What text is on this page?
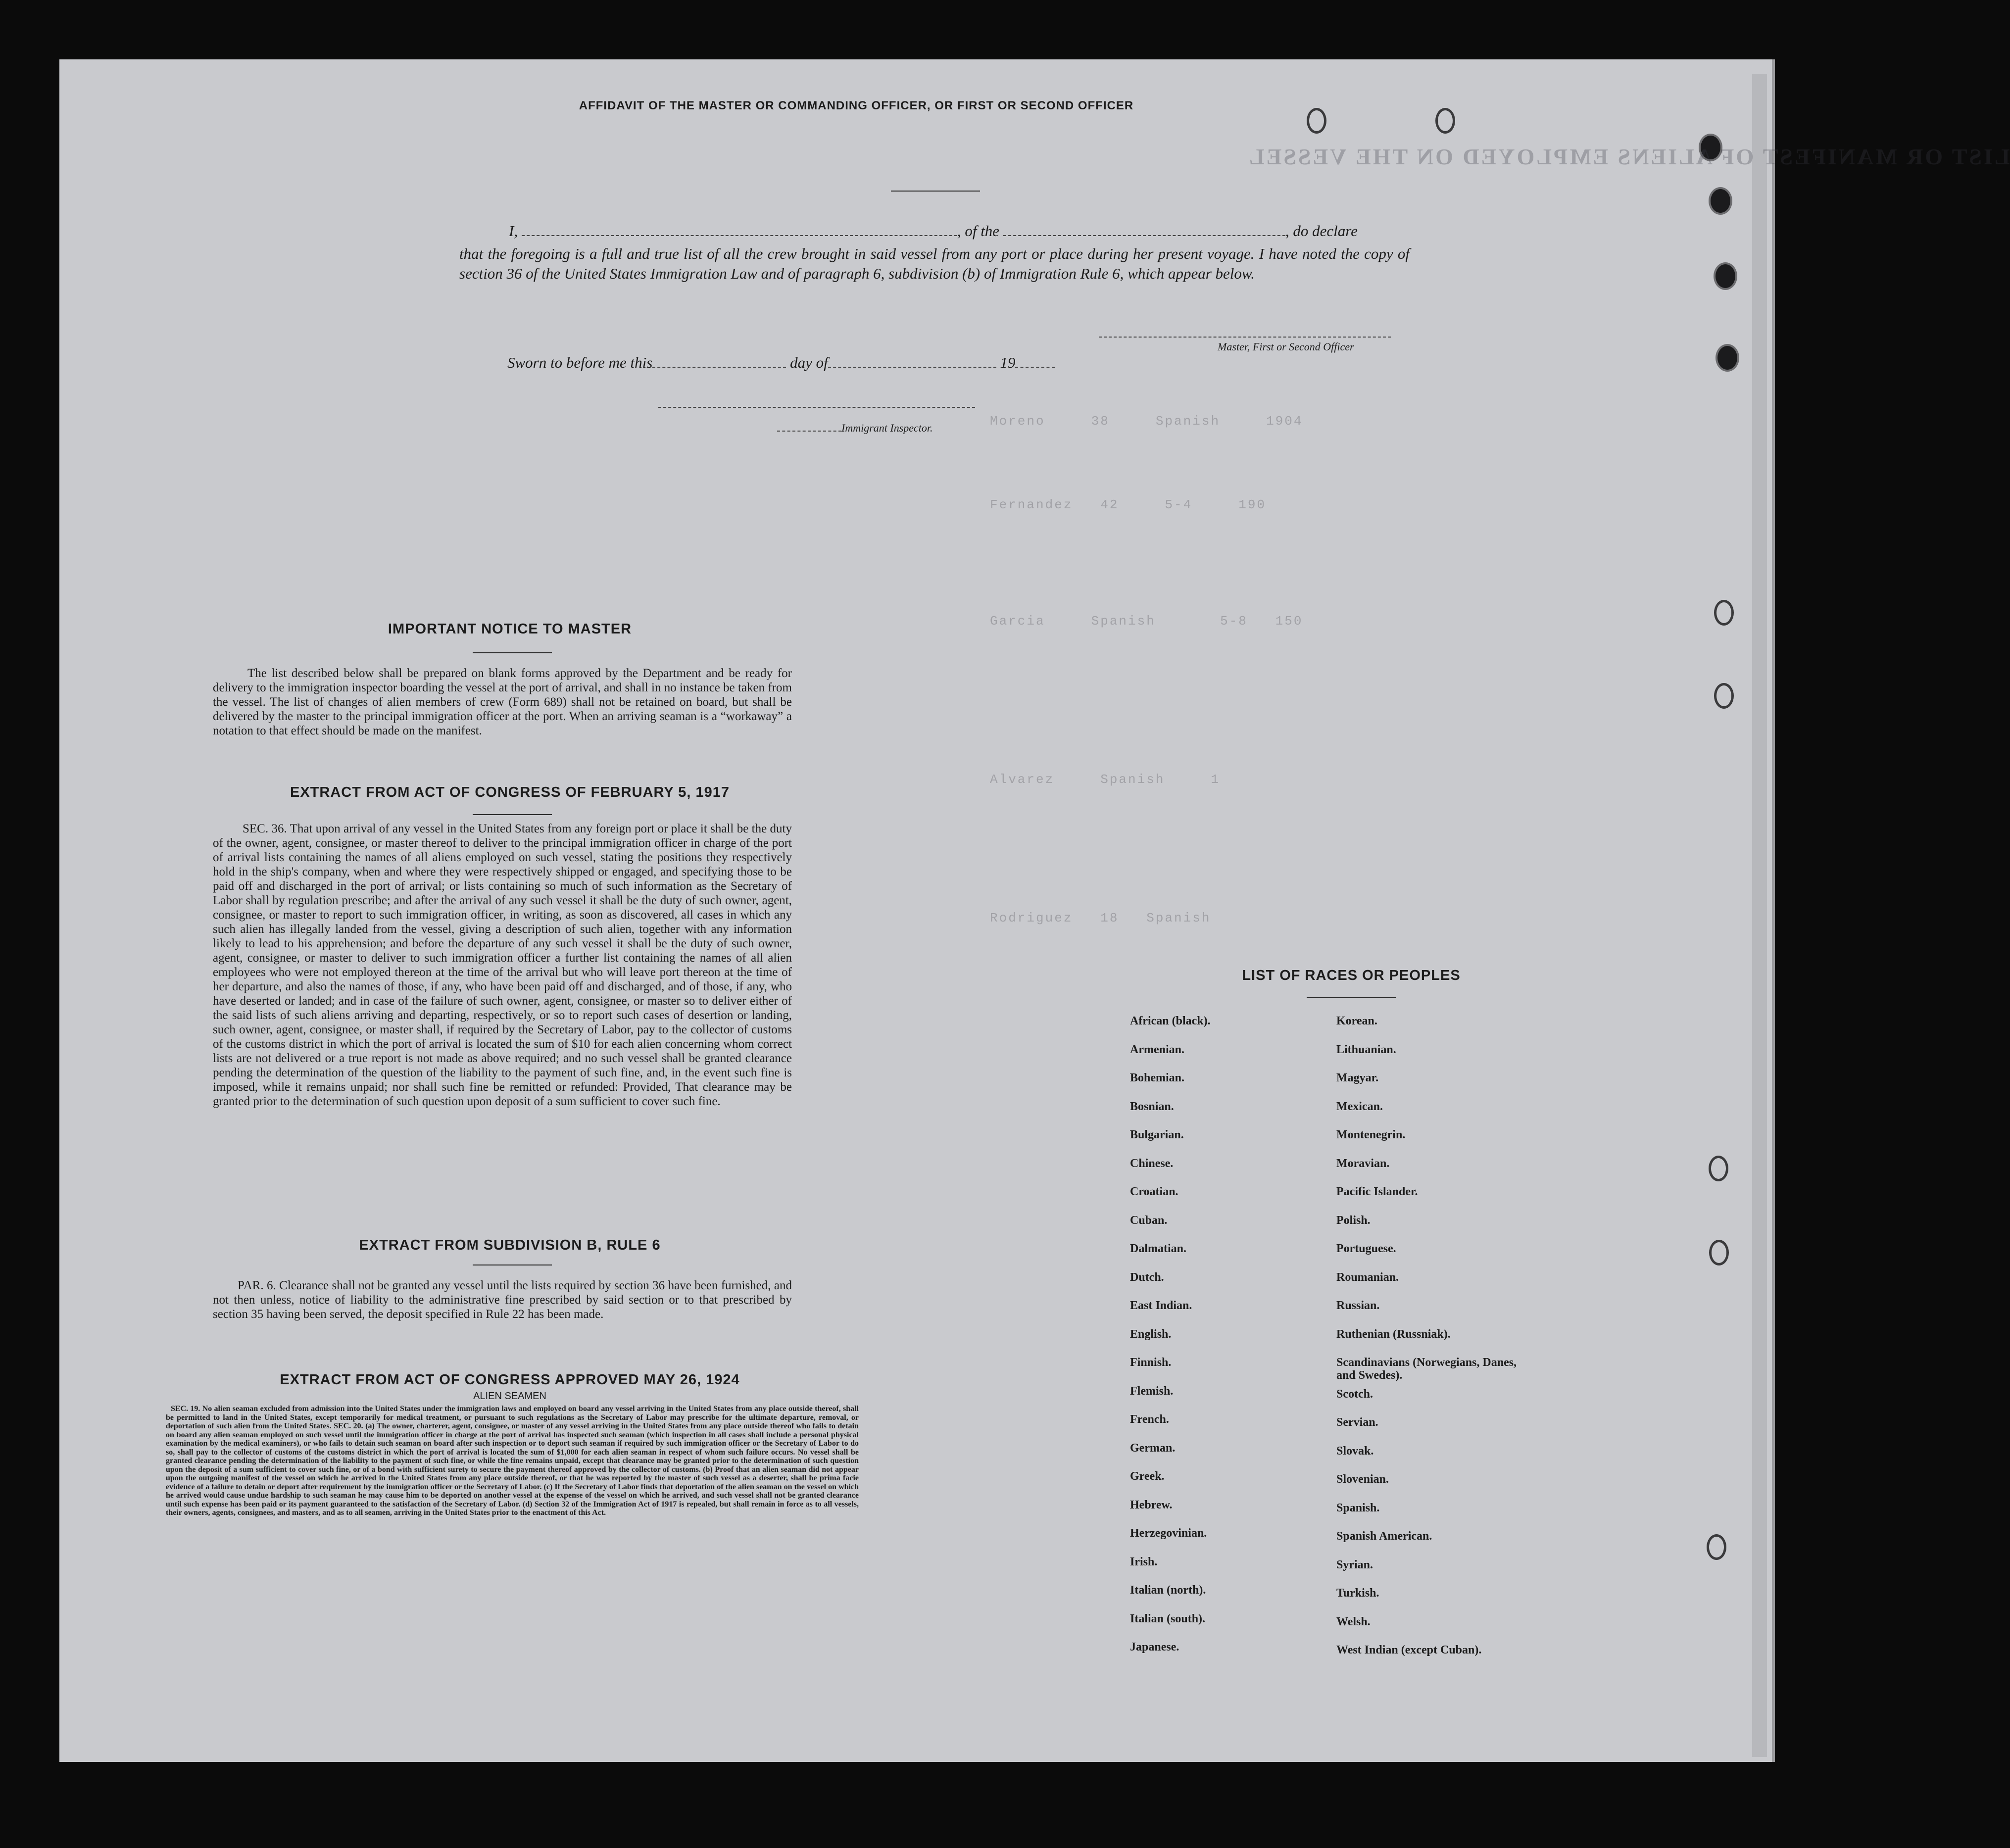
LIST OR MANIFEST OF ALIENS EMPLOYED ON THE VESSEL
Moreno     38     Spanish     1904
Fernandez   42     5-4     190
Garcia     Spanish       5-8   150
Alvarez     Spanish     1
Rodriguez   18   Spanish
AFFIDAVIT OF THE MASTER OR COMMANDING OFFICER, OR FIRST OR SECOND OFFICER
I,	, of the	, do declare
that the foregoing is a full and true list of all the crew brought in said vessel from any port or place during her present voyage. I have noted the copy of section 36 of the United States Immigration Law and of paragraph 6, subdivision (b) of Immigration Rule 6, which appear below.
Master, First or Second Officer
Sworn to before me this	day of	19
Immigrant Inspector.
IMPORTANT NOTICE TO MASTER
The list described below shall be prepared on blank forms approved by the Department and be ready for delivery to the immigration inspector boarding the vessel at the port of arrival, and shall in no instance be taken from the vessel. The list of changes of alien members of crew (Form 689) shall not be retained on board, but shall be delivered by the master to the principal immigration officer at the port. When an arriving seaman is a “workaway” a notation to that effect should be made on the manifest.
EXTRACT FROM ACT OF CONGRESS OF FEBRUARY 5, 1917
SEC. 36. That upon arrival of any vessel in the United States from any foreign port or place it shall be the duty of the owner, agent, consignee, or master thereof to deliver to the principal immigration officer in charge of the port of arrival lists containing the names of all aliens employed on such vessel, stating the positions they respectively hold in the ship's company, when and where they were respectively shipped or engaged, and specifying those to be paid off and discharged in the port of arrival; or lists containing so much of such information as the Secretary of Labor shall by regulation prescribe; and after the arrival of any such vessel it shall be the duty of such owner, agent, consignee, or master to report to such immigration officer, in writing, as soon as discovered, all cases in which any such alien has illegally landed from the vessel, giving a description of such alien, together with any information likely to lead to his apprehension; and before the departure of any such vessel it shall be the duty of such owner, agent, consignee, or master to deliver to such immigration officer a further list containing the names of all alien employees who were not employed thereon at the time of the arrival but who will leave port thereon at the time of her departure, and also the names of those, if any, who have been paid off and discharged, and of those, if any, who have deserted or landed; and in case of the failure of such owner, agent, consignee, or master so to deliver either of the said lists of such aliens arriving and departing, respectively, or so to report such cases of desertion or landing, such owner, agent, consignee, or master shall, if required by the Secretary of Labor, pay to the collector of customs of the customs district in which the port of arrival is located the sum of $10 for each alien concerning whom correct lists are not delivered or a true report is not made as above required; and no such vessel shall be granted clearance pending the determination of the question of the liability to the payment of such fine, and, in the event such fine is imposed, while it remains unpaid; nor shall such fine be remitted or refunded: Provided, That clearance may be granted prior to the determination of such question upon deposit of a sum sufficient to cover such fine.
EXTRACT FROM SUBDIVISION B, RULE 6
PAR. 6. Clearance shall not be granted any vessel until the lists required by section 36 have been furnished, and not then unless, notice of liability to the administrative fine prescribed by said section or to that prescribed by section 35 having been served, the deposit specified in Rule 22 has been made.
EXTRACT FROM ACT OF CONGRESS APPROVED MAY 26, 1924
ALIEN SEAMEN
SEC. 19. No alien seaman excluded from admission into the United States under the immigration laws and employed on board any vessel arriving in the United States from any place outside thereof, shall be permitted to land in the United States, except temporarily for medical treatment, or pursuant to such regulations as the Secretary of Labor may prescribe for the ultimate departure, removal, or deportation of such alien from the United States. SEC. 20. (a) The owner, charterer, agent, consignee, or master of any vessel arriving in the United States from any place outside thereof who fails to detain on board any alien seaman employed on such vessel until the immigration officer in charge at the port of arrival has inspected such seaman (which inspection in all cases shall include a personal physical examination by the medical examiners), or who fails to detain such seaman on board after such inspection or to deport such seaman if required by such immigration officer or the Secretary of Labor to do so, shall pay to the collector of customs of the customs district in which the port of arrival is located the sum of $1,000 for each alien seaman in respect of whom such failure occurs. No vessel shall be granted clearance pending the determination of the liability to the payment of such fine, or while the fine remains unpaid, except that clearance may be granted prior to the determination of such question upon the deposit of a sum sufficient to cover such fine, or of a bond with sufficient surety to secure the payment thereof approved by the collector of customs. (b) Proof that an alien seaman did not appear upon the outgoing manifest of the vessel on which he arrived in the United States from any place outside thereof, or that he was reported by the master of such vessel as a deserter, shall be prima facie evidence of a failure to detain or deport after requirement by the immigration officer or the Secretary of Labor. (c) If the Secretary of Labor finds that deportation of the alien seaman on the vessel on which he arrived would cause undue hardship to such seaman he may cause him to be deported on another vessel at the expense of the vessel on which he arrived, and such vessel shall not be granted clearance until such expense has been paid or its payment guaranteed to the satisfaction of the Secretary of Labor. (d) Section 32 of the Immigration Act of 1917 is repealed, but shall remain in force as to all vessels, their owners, agents, consignees, and masters, and as to all seamen, arriving in the United States prior to the enactment of this Act.
LIST OF RACES OR PEOPLES
African (black).
Armenian.
Bohemian.
Bosnian.
Bulgarian.
Chinese.
Croatian.
Cuban.
Dalmatian.
Dutch.
East Indian.
English.
Finnish.
Flemish.
French.
German.
Greek.
Hebrew.
Herzegovinian.
Irish.
Italian (north).
Italian (south).
Japanese.
Korean.
Lithuanian.
Magyar.
Mexican.
Montenegrin.
Moravian.
Pacific Islander.
Polish.
Portuguese.
Roumanian.
Russian.
Ruthenian (Russniak).
Scandinavians (Norwegians, Danes, and Swedes).
Scotch.
Servian.
Slovak.
Slovenian.
Spanish.
Spanish American.
Syrian.
Turkish.
Welsh.
West Indian (except Cuban).
